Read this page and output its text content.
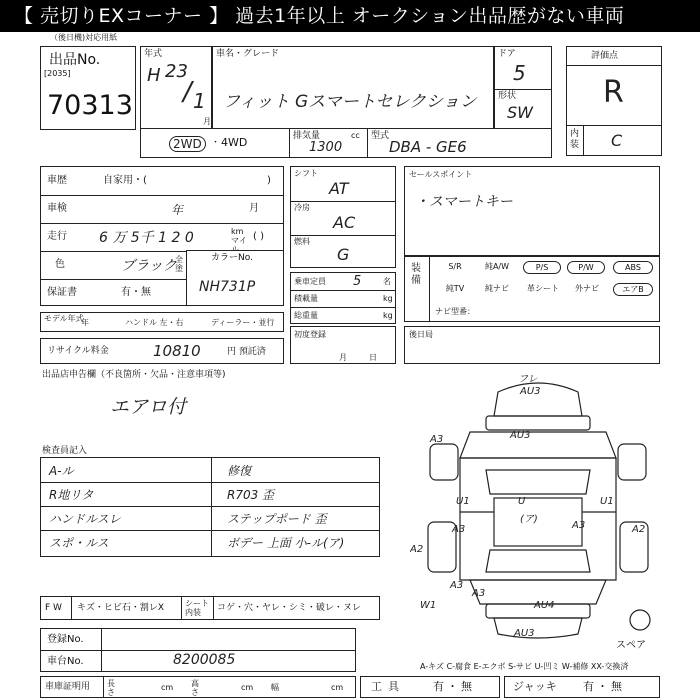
【 売切りEXコーナー 】 過去1年以上 オークション出品歴がない車両
（後日機)対応用紙
出品No.
[2035]
70313
年式
H 23
/ 1
月
車名・グレード
フィット Gスマートセレクション
ドア
5
形状
SW
評価点
R
内装 C
2WD	・ 4WD	排気量	cc
1300
型式
DBA - GE6
車歴	自家用・(	)
車検	年	月
走行 6 万 5千 1 2 0	km マイ ( )
色	ブラック
全塗
保証書	有・無
カラーNo.
NH731P
モデル年式
年	ハンドル 左・右	ディーラー・並行
リサイクル料金	10810	円 預託済
シフト
AT
冷房
AC
燃料
G
乗車定員 5	名
積載量	kg
総重量	kg
初度登録
月日
セールスポイント
・スマートキー
装備
S/R	純A/W	P/S	P/W	ABS
純TV	純ナビ	革シート	外ナビ	エアB
ナビ型番：
後日局
出品店申告欄（不良箇所・欠品・注意車項等)
エアロ付
検査員記入
A-ル	修復
R地リタ	R703 歪
ハンドルスレ	ステップポード 歪
スポ・ルス	ボデー 上面 小-ル(ア)
フレ
AU3
AU3
A3
U1	U	U1
A3	A3	A2
A2
A3
A3
AU4
AU3
W1
(ア)
スペア
A-キズ C-腐食 E-エクボ S-サビ U-凹ミ W-補修 XX-交換済
F W キズ・ヒビ石・割レX	シート内装	コゲ・穴・ヤレ・シミ・破レ・ヌレ
登録No.
車台No.	8200085
車庫証明用 長さ
cm 高さ
cm 幅	cm	工具	有・無	ジャッキ 有・無
